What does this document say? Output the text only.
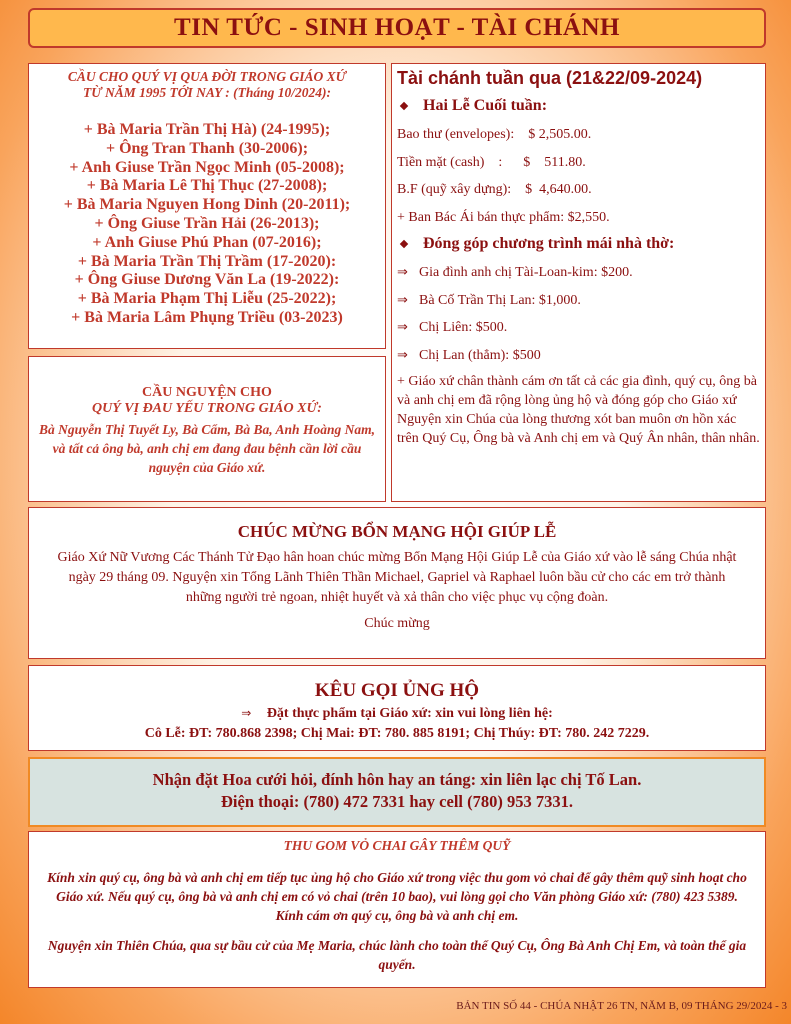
TIN TỨC - SINH HOẠT - TÀI CHÁNH
CẦU CHO QUÝ VỊ QUA ĐỜI TRONG GIÁO XỨ
TỪ NĂM 1995 TỚI NAY : (Tháng 10/2024):
+ Bà Maria Trần Thị Hà) (24-1995);
+ Ông Tran Thanh (30-2006);
+ Anh Giuse Trần Ngọc Minh (05-2008);
+ Bà Maria Lê Thị Thục (27-2008);
+ Bà Maria Nguyen Hong Dinh (20-2011);
+ Ông Giuse Trần Hải (26-2013);
+ Anh Giuse Phú Phan (07-2016);
+ Bà Maria Trần Thị Trầm (17-2020):
+ Ông Giuse Dương Văn La (19-2022):
+ Bà Maria Phạm Thị Liễu (25-2022);
+ Bà Maria Lâm Phụng Triều (03-2023)
CẦU NGUYỆN CHO
QUÝ VỊ ĐAU YẾU TRONG GIÁO XỨ:
Bà Nguyễn Thị Tuyết Ly, Bà Cẩm, Bà Ba, Anh Hoàng Nam, và tất cả ông bà, anh chị em đang đau bệnh cần lời cầu nguyện của Giáo xứ.
Tài chánh tuần qua (21&22/09-2024)
Hai Lễ Cuối tuần:
Bao thư (envelopes):    $ 2,505.00.
Tiền mặt (cash)    :      $    511.80.
B.F (quỹ xây dựng):    $  4,640.00.
+ Ban Bác Ái bán thực phẩm: $2,550.
Đóng góp chương trình mái nhà thờ:
⇒ Gia đình anh chị Tài-Loan-kim: $200.
⇒ Bà Cố Trần Thị Lan: $1,000.
⇒ Chị Liên: $500.
⇒ Chị Lan (thẳm): $500
+ Giáo xứ chân thành cám ơn tất cả các gia đình, quý cụ, ông bà và anh chị em đã rộng lòng ủng hộ và đóng góp cho Giáo xứ Nguyện xin Chúa của lòng thương xót ban muôn ơn hồn xác trên Quý Cụ, Ông bà và Anh chị em và Quý Ân nhân, thân nhân.
CHÚC MỪNG BỔN MẠNG HỘI GIÚP LỄ
Giáo Xứ Nữ Vương Các Thánh Tử Đạo hân hoan chúc mừng Bổn Mạng Hội Giúp Lễ của Giáo xứ vào lễ sáng Chúa nhật ngày 29 tháng 09. Nguyện xin Tổng Lãnh Thiên Thần Michael, Gapriel và Raphael luôn bầu cử cho các em trở thành những người trẻ ngoan, nhiệt huyết và xả thân cho việc phục vụ cộng đoàn.
Chúc mừng
KÊU GỌI ỦNG HỘ
⇒ Đặt thực phẩm tại Giáo xứ: xin vui lòng liên hệ:
Cô Lễ: ĐT: 780.868 2398; Chị Mai: ĐT: 780. 885 8191; Chị Thúy: ĐT: 780. 242 7229.
Nhận đặt Hoa cưới hỏi, đính hôn hay an táng: xin liên lạc chị Tố Lan.
Điện thoại: (780) 472 7331 hay cell (780) 953 7331.
THU GOM VỎ CHAI GÂY THÊM QUỸ
Kính xin quý cụ, ông bà và anh chị em tiếp tục ủng hộ cho Giáo xứ trong việc thu gom vỏ chai để gây thêm quỹ sinh hoạt cho Giáo xứ. Nếu quý cụ, ông bà và anh chị em có vỏ chai (trên 10 bao), vui lòng gọi cho Văn phòng Giáo xứ: (780) 423 5389. Kính cám ơn quý cụ, ông bà và anh chị em.
Nguyện xin Thiên Chúa, qua sự bầu cử của Mẹ Maria, chúc lành cho toàn thể Quý Cụ, Ông Bà Anh Chị Em, và toàn thể gia quyến.
BẢN TIN SỐ 44 - CHÚA NHẬT 26 TN, NĂM B, 09 THÁNG 29/2024 - 3
